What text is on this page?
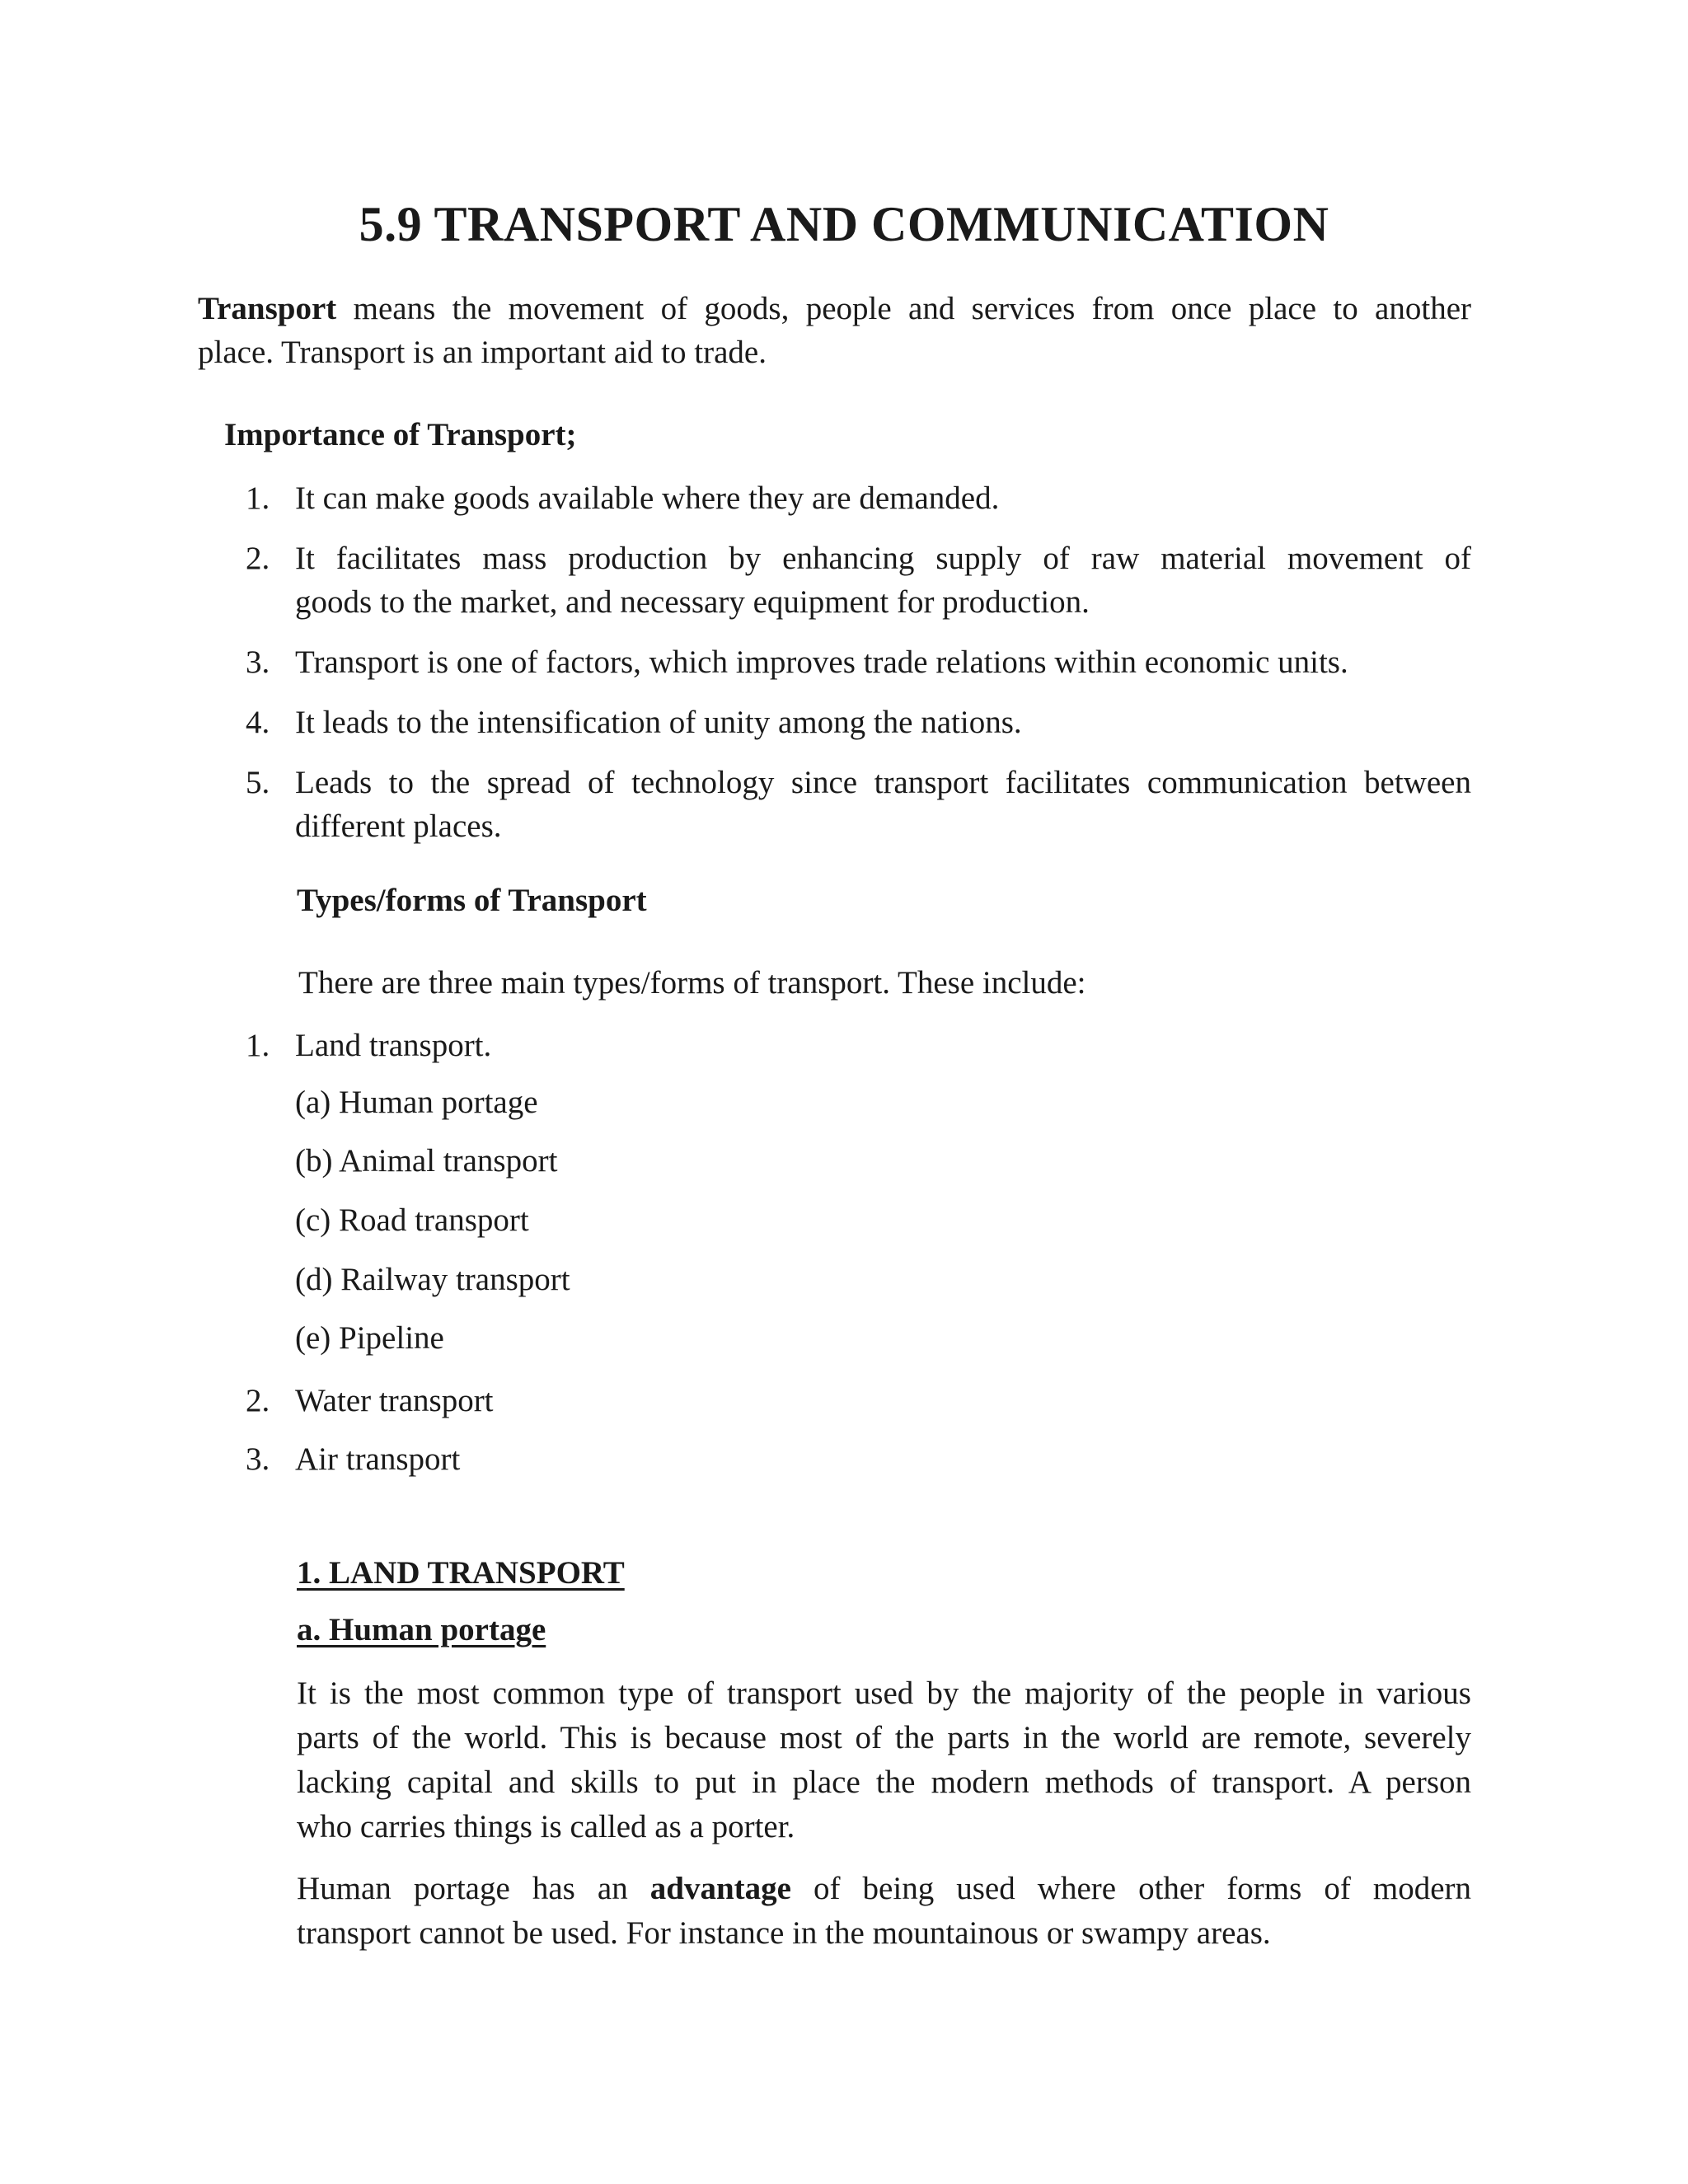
5.9 TRANSPORT AND COMMUNICATION

Transport means the movement of goods, people and services from once place to another
place. Transport is an important aid to trade.

Importance of Transport;

1. It can make goods available where they are demanded.
2. It facilitates mass production by enhancing supply of raw material movement of
goods to the market, and necessary equipment for production.
3. Transport is one of factors, which improves trade relations within economic units.
4. It leads to the intensification of unity among the nations.
5. Leads to the spread of technology since transport facilitates communication between
different places.

Types/forms of Transport

There are three main types/forms of transport. These include:

1. Land transport.

(a) Human portage

(b) Animal transport

(c) Road transport

(d) Railway transport

(e) Pipeline

2. Water transport
3. Air transport

1. LAND TRANSPORT

a. Human portage

It is the most common type of transport used by the majority of the people in various
parts of the world. This is because most of the parts in the world are remote, severely
lacking capital and skills to put in place the modern methods of transport. A person
who carries things is called as a porter.

Human portage has an advantage of being used where other forms of modern
transport cannot be used. For instance in the mountainous or swampy areas.
